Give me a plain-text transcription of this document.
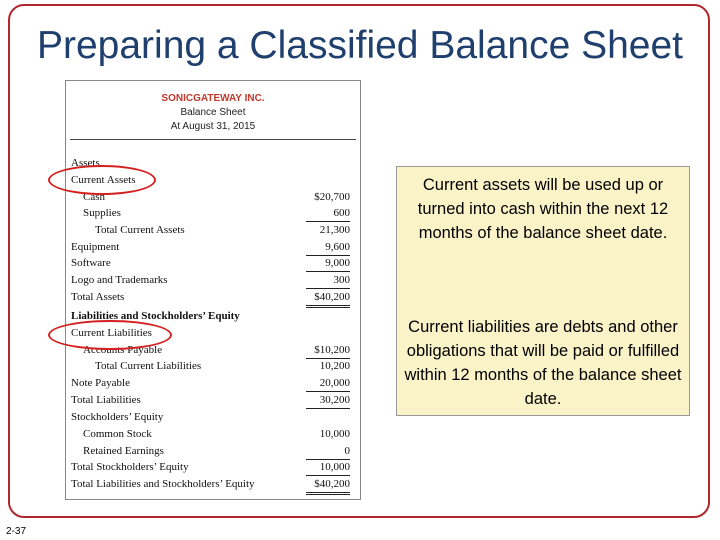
Preparing a Classified Balance Sheet
SONICGATEWAY INC.
Balance Sheet
At August 31, 2015
Assets
Current Assets
Cash	$20,700
Supplies	600
Total Current Assets	21,300
Equipment	9,600
Software	9,000
Logo and Trademarks	300
Total Assets	$40,200
Liabilities and Stockholders’ Equity
Current Liabilities
Accounts Payable	$10,200
Total Current Liabilities	10,200
Note Payable	20,000
Total Liabilities	30,200
Stockholders’ Equity
Common Stock	10,000
Retained Earnings	0
Total Stockholders’ Equity	10,000
Total Liabilities and Stockholders’ Equity	$40,200

Current assets will be used up or turned into cash within the next 12 months of the balance sheet date.

Current liabilities are debts and other obligations that will be paid or fulfilled within 12 months of the balance sheet date.

2-37
